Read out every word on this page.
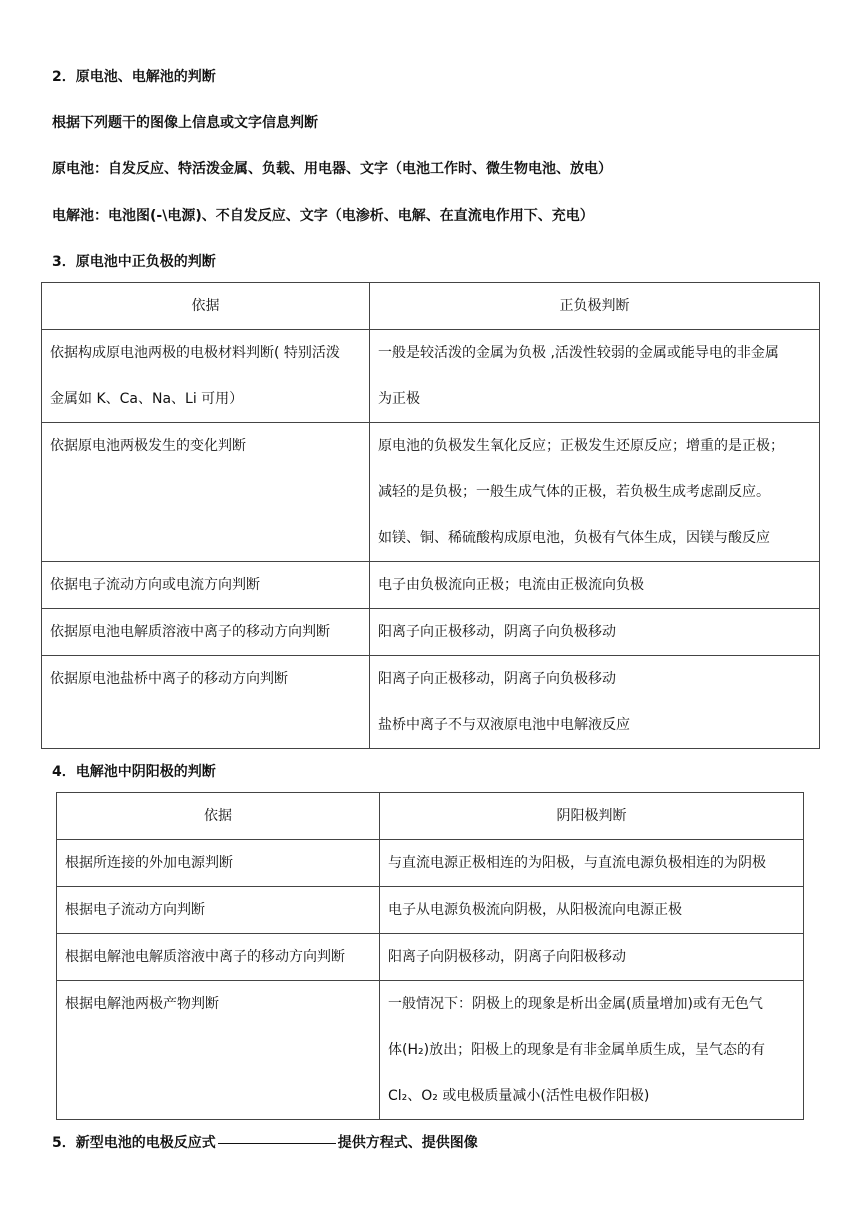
2．原电池、电解池的判断
根据下列题干的图像上信息或文字信息判断
原电池：自发反应、特活泼金属、负载、用电器、文字（电池工作时、微生物电池、放电）
电解池：电池图(-\电源)、不自发反应、文字（电渗析、电解、在直流电作用下、充电）
3．原电池中正负极的判断
依据	正负极判断

依据构成原电池两极的电极材料判断( 特别活泼
金属如 K、Ca、Na、Li 可用）	一般是较活泼的金属为负极 ,活泼性较弱的金属或能导电的非金属
为正极

依据原电池两极发生的变化判断	原电池的负极发生氧化反应；正极发生还原反应；增重的是正极；
减轻的是负极；一般生成气体的正极，若负极生成考虑副反应。
如镁、铜、稀硫酸构成原电池，负极有气体生成，因镁与酸反应

依据电子流动方向或电流方向判断	电子由负极流向正极；电流由正极流向负极

依据原电池电解质溶液中离子的移动方向判断	阳离子向正极移动，阴离子向负极移动

依据原电池盐桥中离子的移动方向判断	阳离子向正极移动，阴离子向负极移动
盐桥中离子不与双液原电池中电解液反应
4．电解池中阴阳极的判断
依据	阴阳极判断

根据所连接的外加电源判断	与直流电源正极相连的为阳极，与直流电源负极相连的为阴极

根据电子流动方向判断	电子从电源负极流向阴极，从阳极流向电源正极

根据电解池电解质溶液中离子的移动方向判断	阳离子向阴极移动，阴离子向阳极移动

根据电解池两极产物判断	一般情况下：阴极上的现象是析出金属(质量增加)或有无色气
体(H₂)放出；阳极上的现象是有非金属单质生成，呈气态的有
Cl₂、O₂ 或电极质量减小(活性电极作阳极)
5．新型电池的电极反应式	提供方程式、提供图像
